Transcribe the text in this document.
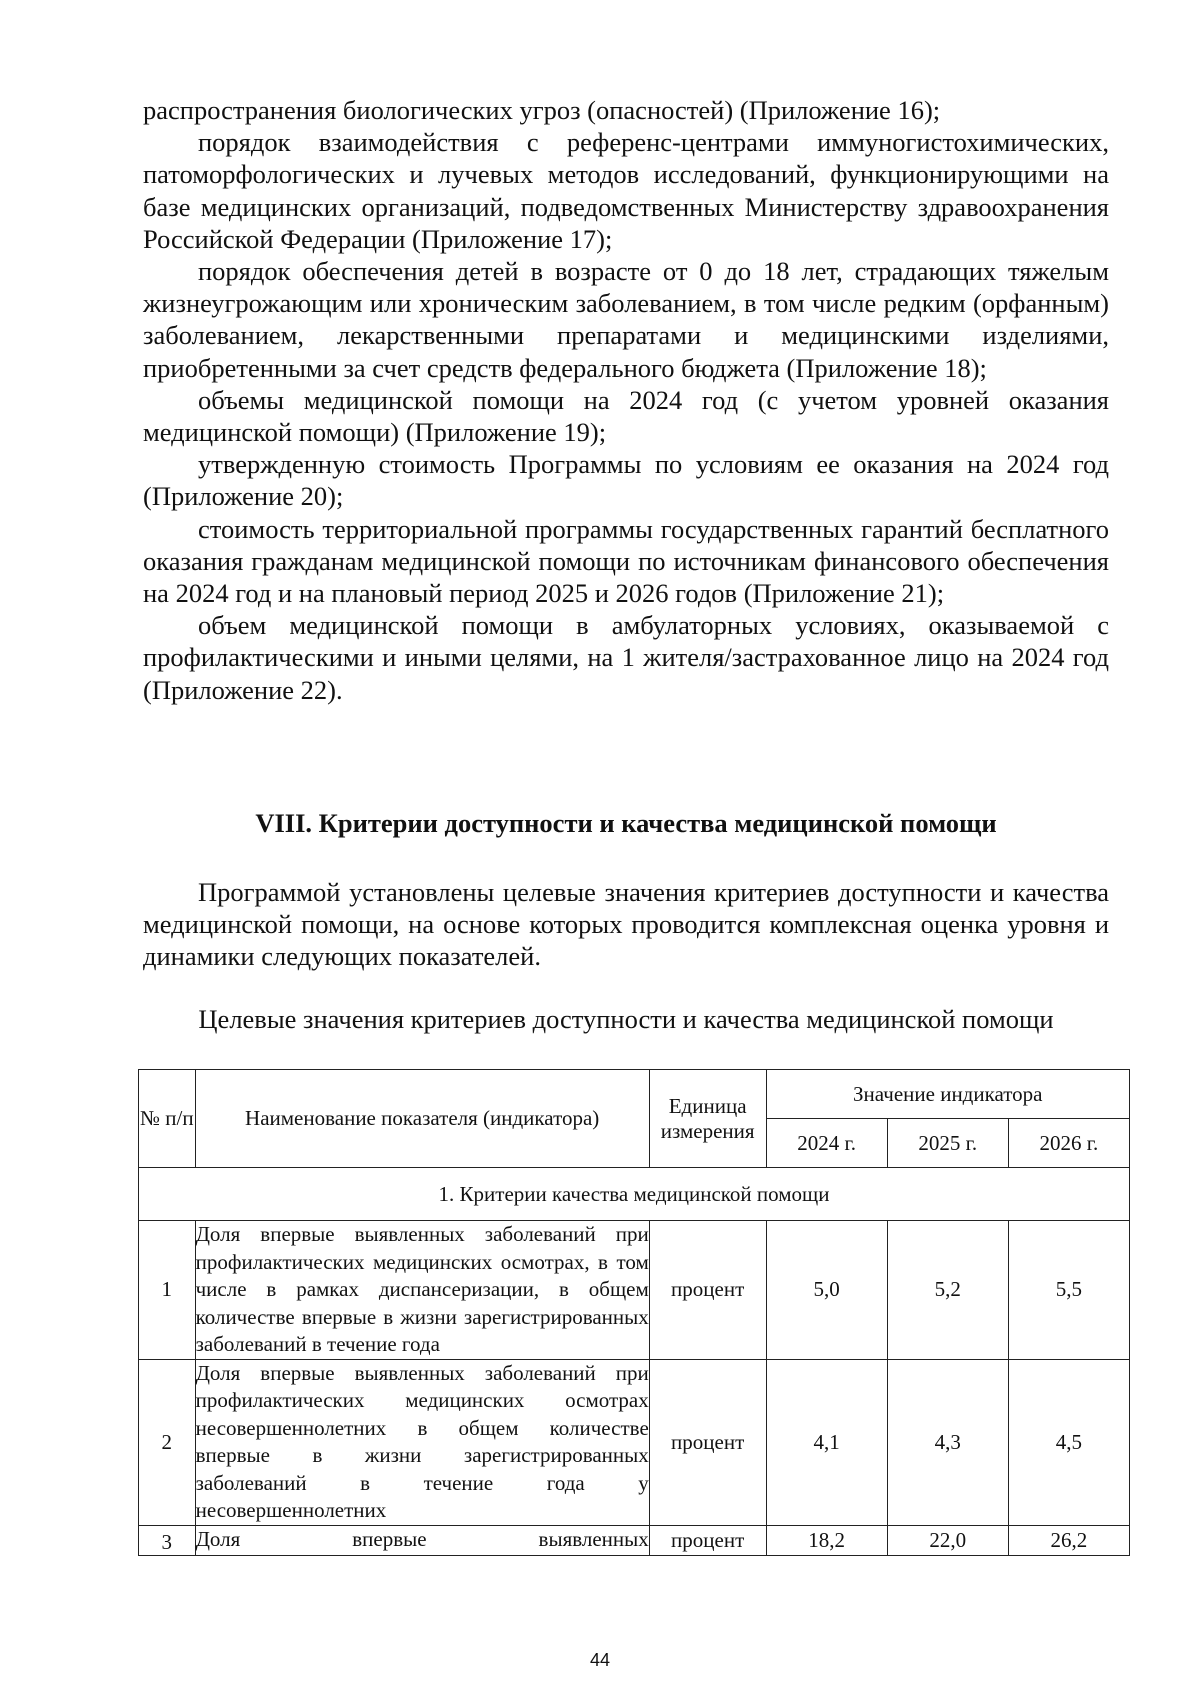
распространения биологических угроз (опасностей) (Приложение 16);

порядок взаимодействия с референс-центрами иммуногистохимических, патоморфологических и лучевых методов исследований, функционирующими на базе медицинских организаций, подведомственных Министерству здравоохранения Российской Федерации (Приложение 17);

порядок обеспечения детей в возрасте от 0 до 18 лет, страдающих тяжелым жизнеугрожающим или хроническим заболеванием, в том числе редким (орфанным) заболеванием, лекарственными препаратами и медицинскими изделиями, приобретенными за счет средств федерального бюджета (Приложение 18);

объемы медицинской помощи на 2024 год (с учетом уровней оказания медицинской помощи) (Приложение 19);

утвержденную стоимость Программы по условиям ее оказания на 2024 год (Приложение 20);

стоимость территориальной программы государственных гарантий бесплатного оказания гражданам медицинской помощи по источникам финансового обеспечения на 2024 год и на плановый период 2025 и 2026 годов (Приложение 21);

объем медицинской помощи в амбулаторных условиях, оказываемой с профилактическими и иными целями, на 1 жителя/застрахованное лицо на 2024 год (Приложение 22).

VIII. Критерии доступности и качества медицинской помощи
Программой установлены целевые значения критериев доступности и качества медицинской помощи, на основе которых проводится комплексная оценка уровня и динамики следующих показателей.
Целевые значения критериев доступности и качества медицинской помощи
№ п/п	Наименование показателя (индикатора)	Единица измерения	Значение индикатора		
			2024 г.	2025 г.	2026 г.
1. Критерии качества медицинской помощи					
1	Доля впервые выявленных заболеваний при профилактических медицинских осмотрах, в том числе в рамках диспансеризации, в общем количестве впервые в жизни зарегистрированных заболеваний в течение года	процент	5,0	5,2	5,5
2	Доля впервые выявленных заболеваний при профилактических медицинских осмотрах несовершеннолетних в общем количестве впервые в жизни зарегистрированных заболеваний в течение года у несовершеннолетних	процент	4,1	4,3	4,5
3	Доля впервые выявленных	процент	18,2	22,0	26,2
44
